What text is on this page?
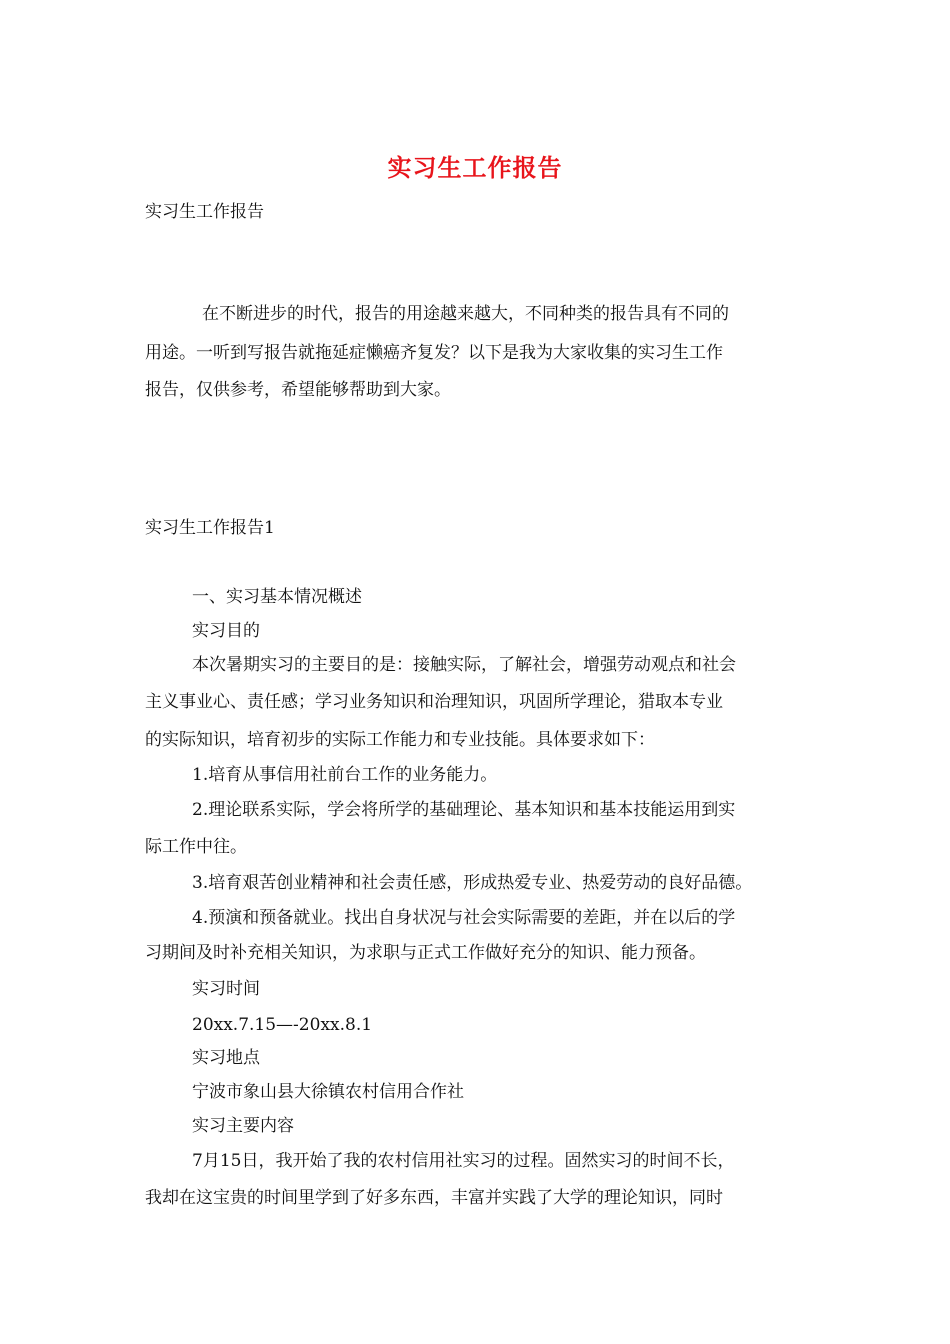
实习生工作报告
实习生工作报告
在不断进步的时代，报告的用途越来越大，不同种类的报告具有不同的
用途。一听到写报告就拖延症懒癌齐复发？以下是我为大家收集的实习生工作
报告，仅供参考，希望能够帮助到大家。
实习生工作报告1
一、实习基本情况概述
实习目的
本次暑期实习的主要目的是：接触实际，了解社会，增强劳动观点和社会
主义事业心、责任感；学习业务知识和治理知识，巩固所学理论，猎取本专业
的实际知识，培育初步的实际工作能力和专业技能。具体要求如下：
1.培育从事信用社前台工作的业务能力。
2.理论联系实际，学会将所学的基础理论、基本知识和基本技能运用到实
际工作中往。
3.培育艰苦创业精神和社会责任感，形成热爱专业、热爱劳动的良好品德。
4.预演和预备就业。找出自身状况与社会实际需要的差距，并在以后的学
习期间及时补充相关知识，为求职与正式工作做好充分的知识、能力预备。
实习时间
20xx.7.15—-20xx.8.1
实习地点
宁波市象山县大徐镇农村信用合作社
实习主要内容
7月15日，我开始了我的农村信用社实习的过程。固然实习的时间不长，
我却在这宝贵的时间里学到了好多东西，丰富并实践了大学的理论知识，同时
